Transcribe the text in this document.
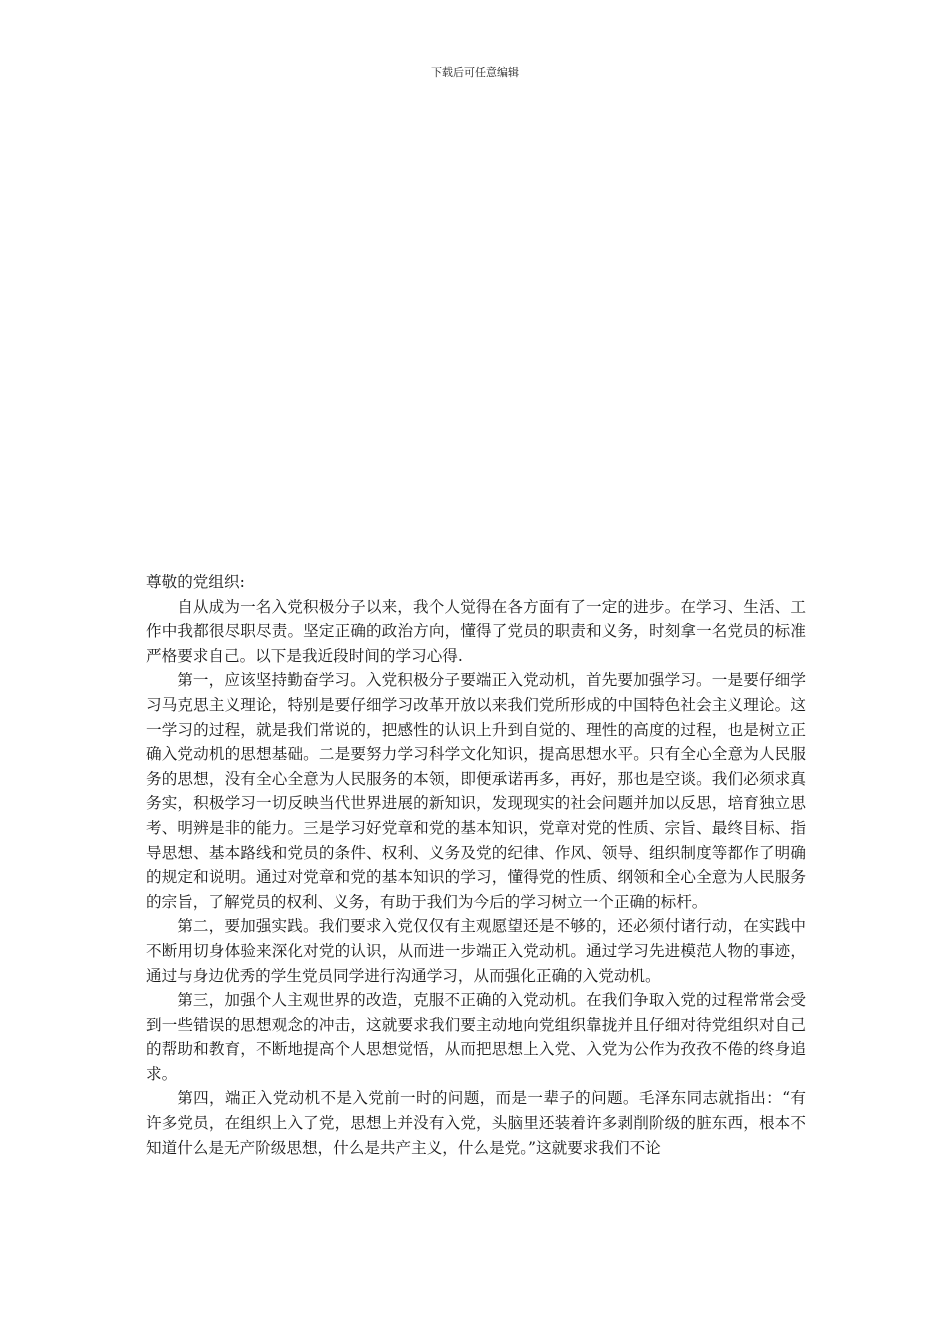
下载后可任意编辑
尊敬的党组织:

自从成为一名入党积极分子以来，我个人觉得在各方面有了一定的进步。在学习、生活、工作中我都很尽职尽责。坚定正确的政治方向，懂得了党员的职责和义务，时刻拿一名党员的标准严格要求自己。以下是我近段时间的学习心得.

第一，应该坚持勤奋学习。入党积极分子要端正入党动机，首先要加强学习。一是要仔细学习马克思主义理论，特别是要仔细学习改革开放以来我们党所形成的中国特色社会主义理论。这一学习的过程，就是我们常说的，把感性的认识上升到自觉的、理性的高度的过程，也是树立正确入党动机的思想基础。二是要努力学习科学文化知识，提高思想水平。只有全心全意为人民服务的思想，没有全心全意为人民服务的本领，即便承诺再多，再好，那也是空谈。我们必须求真务实，积极学习一切反映当代世界进展的新知识，发现现实的社会问题并加以反思，培育独立思考、明辨是非的能力。三是学习好党章和党的基本知识，党章对党的性质、宗旨、最终目标、指导思想、基本路线和党员的条件、权利、义务及党的纪律、作风、领导、组织制度等都作了明确的规定和说明。通过对党章和党的基本知识的学习，懂得党的性质、纲领和全心全意为人民服务的宗旨，了解党员的权利、义务，有助于我们为今后的学习树立一个正确的标杆。

第二，要加强实践。我们要求入党仅仅有主观愿望还是不够的，还必须付诸行动，在实践中不断用切身体验来深化对党的认识，从而进一步端正入党动机。通过学习先进模范人物的事迹，通过与身边优秀的学生党员同学进行沟通学习，从而强化正确的入党动机。

第三，加强个人主观世界的改造，克服不正确的入党动机。在我们争取入党的过程常常会受到一些错误的思想观念的冲击，这就要求我们要主动地向党组织靠拢并且仔细对待党组织对自己的帮助和教育，不断地提高个人思想觉悟，从而把思想上入党、入党为公作为孜孜不倦的终身追求。

第四，端正入党动机不是入党前一时的问题，而是一辈子的问题。毛泽东同志就指出：“有许多党员，在组织上入了党，思想上并没有入党，头脑里还装着许多剥削阶级的脏东西，根本不知道什么是无产阶级思想，什么是共产主义，什么是党。”这就要求我们不论
